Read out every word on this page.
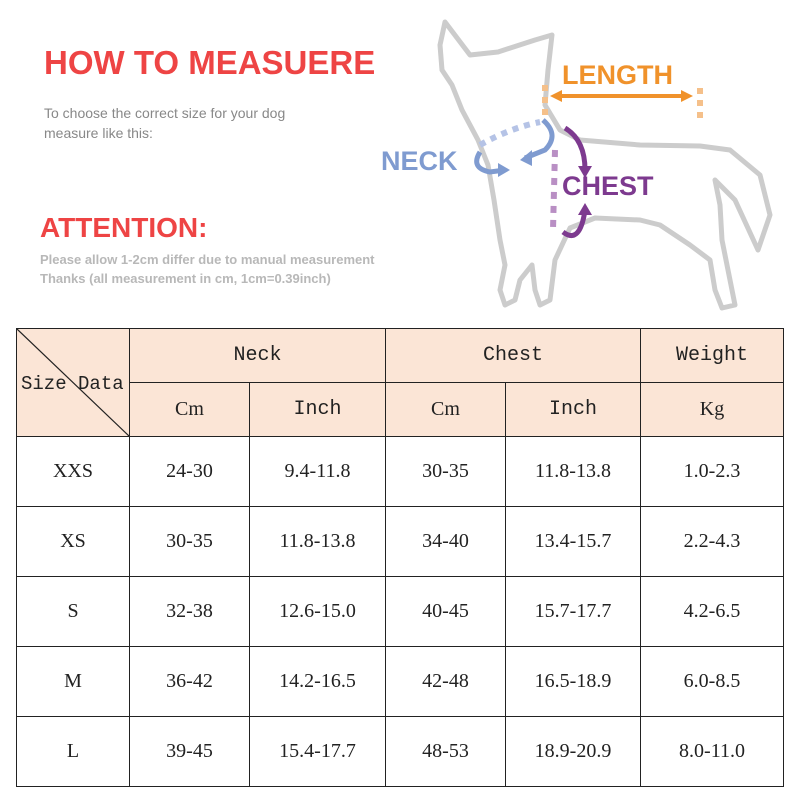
HOW TO MEASUERE
To choose the correct size for your dog
measure like this:
ATTENTION:
Please allow 1-2cm differ due to manual measurement
Thanks (all measurement in cm, 1cm=0.39inch)
LENGTH
NECK
CHEST
Size Data	Neck		Chest		Weight
	Cm	Inch	Cm	Inch	Kg
XXS	24-30	9.4-11.8	30-35	11.8-13.8	1.0-2.3
XS	30-35	11.8-13.8	34-40	13.4-15.7	2.2-4.3
S	32-38	12.6-15.0	40-45	15.7-17.7	4.2-6.5
M	36-42	14.2-16.5	42-48	16.5-18.9	6.0-8.5
L	39-45	15.4-17.7	48-53	18.9-20.9	8.0-11.0
